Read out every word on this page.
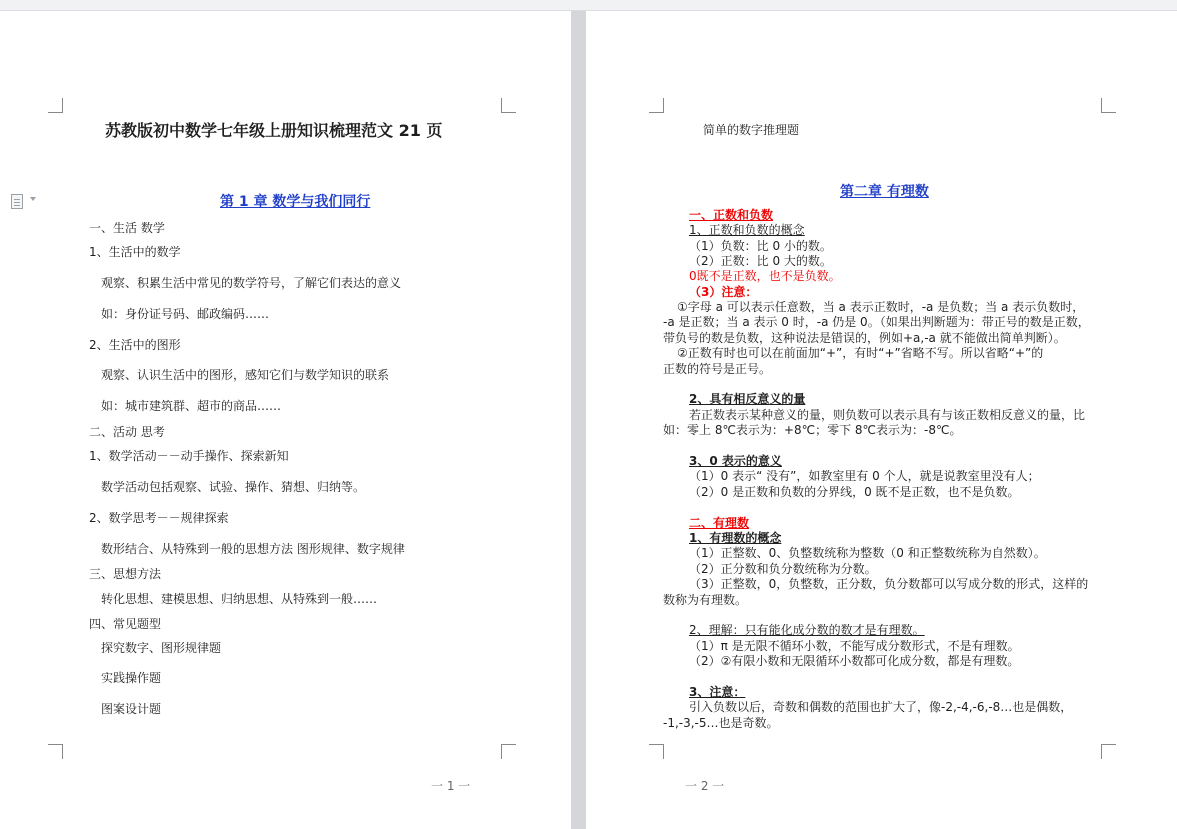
苏教版初中数学七年级上册知识梳理范文 21 页
第 1 章 数学与我们同行
一、生活 数学
1、生活中的数学
观察、积累生活中常见的数学符号，了解它们表达的意义
如：身份证号码、邮政编码……
2、生活中的图形
观察、认识生活中的图形，感知它们与数学知识的联系
如：城市建筑群、超市的商品……
二、活动 思考
1、数学活动－－动手操作、探索新知
数学活动包括观察、试验、操作、猜想、归纳等。
2、数学思考－－规律探索
数形结合、从特殊到一般的思想方法 图形规律、数字规律
三、思想方法
转化思想、建模思想、归纳思想、从特殊到一般……
四、常见题型
探究数字、图形规律题
实践操作题
图案设计题
一 1 一
简单的数字推理题
第二章 有理数
一、正数和负数
1、正数和负数的概念
（1）负数：比 0 小的数。
（2）正数：比 0 大的数。
0既不是正数，也不是负数。
（3）注意：
①字母 a 可以表示任意数，当 a 表示正数时，-a 是负数；当 a 表示负数时，
-a 是正数；当 a 表示 0 时，-a 仍是 0。（如果出判断题为：带正号的数是正数，
带负号的数是负数，这种说法是错误的，例如+a,-a 就不能做出简单判断）。
②正数有时也可以在前面加“+”，有时“+”省略不写。所以省略“+”的
正数的符号是正号。
2、具有相反意义的量
若正数表示某种意义的量，则负数可以表示具有与该正数相反意义的量，比
如：零上 8℃表示为：+8℃；零下 8℃表示为：-8℃。
3、0 表示的意义
（1）0 表示“ 没有”，如教室里有 0 个人，就是说教室里没有人；
（2）0 是正数和负数的分界线，0 既不是正数，也不是负数。
二、有理数
1、有理数的概念
（1）正整数、0、负整数统称为整数（0 和正整数统称为自然数）。
（2）正分数和负分数统称为分数。
（3）正整数，0，负整数，正分数，负分数都可以写成分数的形式，这样的
数称为有理数。
2、理解：只有能化成分数的数才是有理数。
（1）π 是无限不循环小数，不能写成分数形式，不是有理数。
（2）②有限小数和无限循环小数都可化成分数，都是有理数。
3、注意：
引入负数以后，奇数和偶数的范围也扩大了，像-2,-4,-6,-8…也是偶数，
-1,-3,-5…也是奇数。
一 2 一
